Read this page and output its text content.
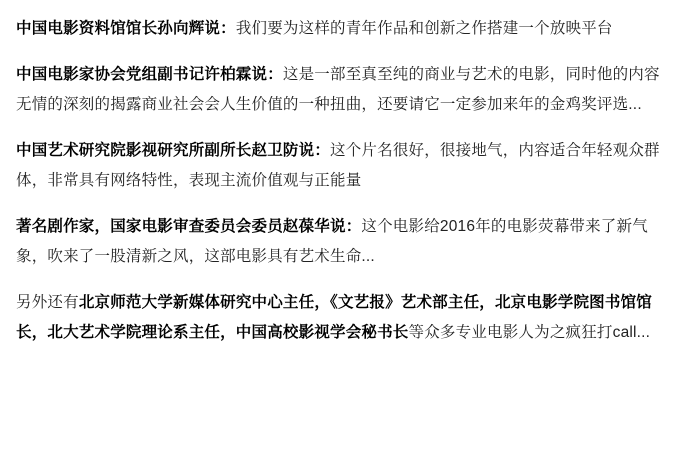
中国电影资料馆馆长孙向辉说：我们要为这样的青年作品和创新之作搭建一个放映平台

中国电影家协会党组副书记许柏霖说：这是一部至真至纯的商业与艺术的电影，同时他的内容无情的深刻的揭露商业社会会人生价值的一种扭曲，还要请它一定参加来年的金鸡奖评选...

中国艺术研究院影视研究所副所长赵卫防说：这个片名很好，很接地气，内容适合年轻观众群体，非常具有网络特性，表现主流价值观与正能量

著名剧作家，国家电影审查委员会委员赵葆华说：这个电影给2016年的电影荧幕带来了新气象，吹来了一股清新之风，这部电影具有艺术生命...

另外还有北京师范大学新媒体研究中心主任，《文艺报》艺术部主任，北京电影学院图书馆馆长，北大艺术学院理论系主任，中国高校影视学会秘书长等众多专业电影人为之疯狂打call...
